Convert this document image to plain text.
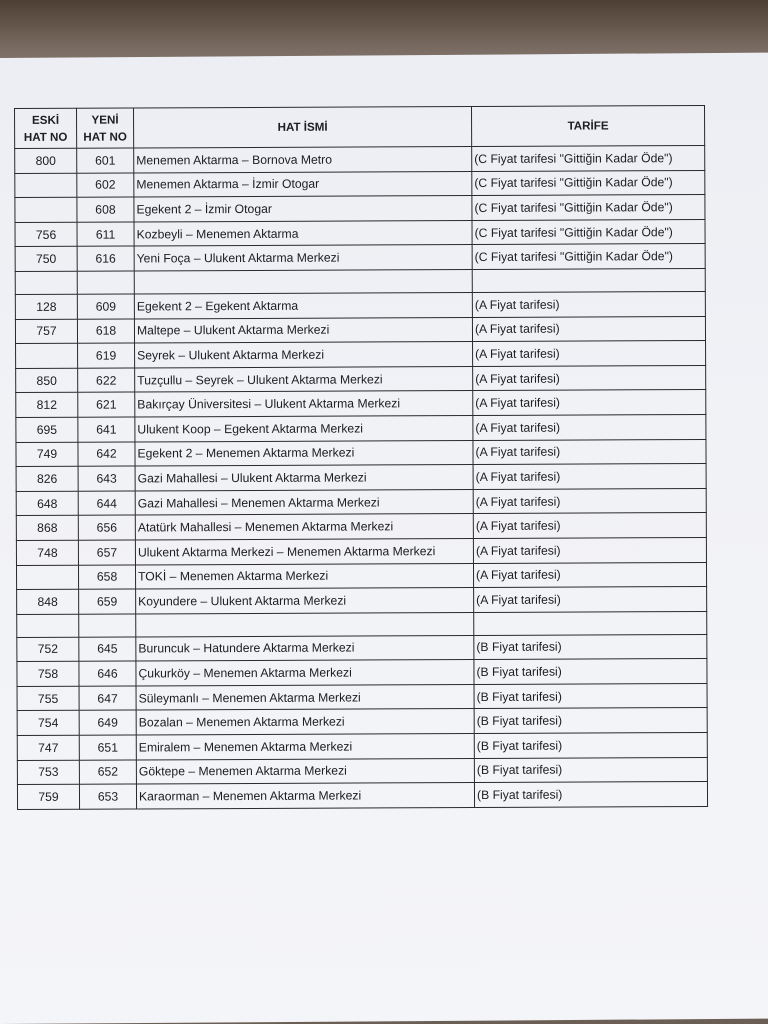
ESKİ HAT NO	YENİ HAT NO	HAT İSMİ	TARİFE
800	601	Menemen Aktarma – Bornova Metro	(C Fiyat tarifesi "Gittiğin Kadar Öde")
	602	Menemen Aktarma – İzmir Otogar	(C Fiyat tarifesi "Gittiğin Kadar Öde")
	608	Egekent 2 – İzmir Otogar	(C Fiyat tarifesi "Gittiğin Kadar Öde")
756	611	Kozbeyli – Menemen Aktarma	(C Fiyat tarifesi "Gittiğin Kadar Öde")
750	616	Yeni Foça – Ulukent Aktarma Merkezi	(C Fiyat tarifesi "Gittiğin Kadar Öde")

128	609	Egekent 2 – Egekent Aktarma	(A Fiyat tarifesi)
757	618	Maltepe – Ulukent Aktarma Merkezi	(A Fiyat tarifesi)
	619	Seyrek – Ulukent Aktarma Merkezi	(A Fiyat tarifesi)
850	622	Tuzçullu – Seyrek – Ulukent Aktarma Merkezi	(A Fiyat tarifesi)
812	621	Bakırçay Üniversitesi – Ulukent Aktarma Merkezi	(A Fiyat tarifesi)
695	641	Ulukent Koop – Egekent Aktarma Merkezi	(A Fiyat tarifesi)
749	642	Egekent 2 – Menemen Aktarma Merkezi	(A Fiyat tarifesi)
826	643	Gazi Mahallesi – Ulukent Aktarma Merkezi	(A Fiyat tarifesi)
648	644	Gazi Mahallesi – Menemen Aktarma Merkezi	(A Fiyat tarifesi)
868	656	Atatürk Mahallesi – Menemen Aktarma Merkezi	(A Fiyat tarifesi)
748	657	Ulukent Aktarma Merkezi – Menemen Aktarma Merkezi	(A Fiyat tarifesi)
	658	TOKİ – Menemen Aktarma Merkezi	(A Fiyat tarifesi)
848	659	Koyundere – Ulukent Aktarma Merkezi	(A Fiyat tarifesi)

752	645	Buruncuk – Hatundere Aktarma Merkezi	(B Fiyat tarifesi)
758	646	Çukurköy – Menemen Aktarma Merkezi	(B Fiyat tarifesi)
755	647	Süleymanlı – Menemen Aktarma Merkezi	(B Fiyat tarifesi)
754	649	Bozalan – Menemen Aktarma Merkezi	(B Fiyat tarifesi)
747	651	Emiralem – Menemen Aktarma Merkezi	(B Fiyat tarifesi)
753	652	Göktepe – Menemen Aktarma Merkezi	(B Fiyat tarifesi)
759	653	Karaorman – Menemen Aktarma Merkezi	(B Fiyat tarifesi)
